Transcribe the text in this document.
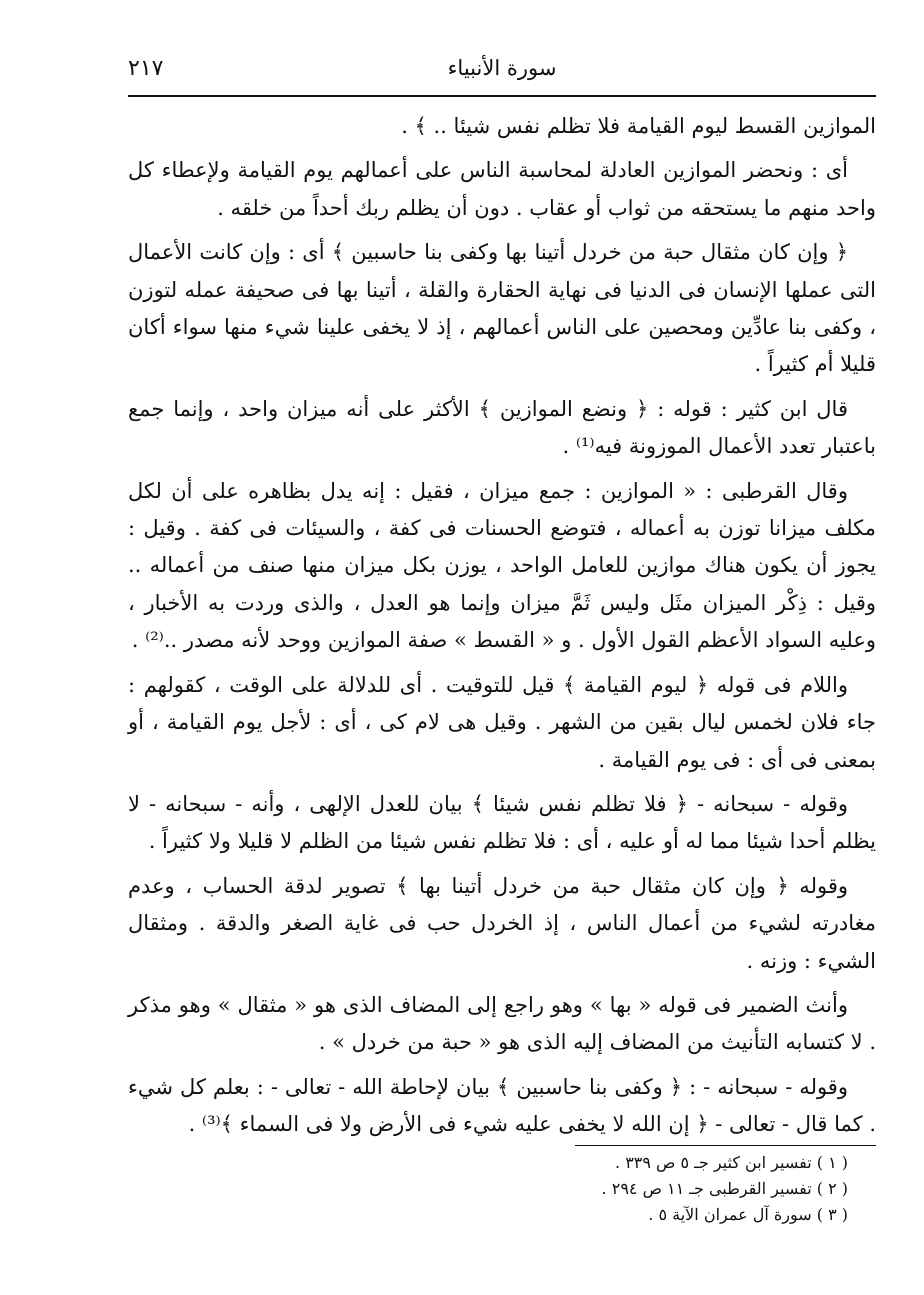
٢١٧	سورة الأنبياء

الموازين القسط ليوم القيامة فلا تظلم نفس شيئا .. ﴾ .

أى : ونحضر الموازين العادلة لمحاسبة الناس على أعمالهم يوم القيامة ولإعطاء كل واحد منهم ما يستحقه من ثواب أو عقاب . دون أن يظلم ربك أحداً من خلقه .

﴿ وإن كان مثقال حبة من خردل أتينا بها وكفى بنا حاسبين ﴾ أى : وإن كانت الأعمال التى عملها الإنسان فى الدنيا فى نهاية الحقارة والقلة ، أتينا بها فى صحيفة عمله لتوزن ، وكفى بنا عادِّين ومحصين على الناس أعمالهم ، إذ لا يخفى علينا شيء منها سواء أكان قليلا أم كثيراً .

قال ابن كثير : قوله : ﴿ ونضع الموازين ﴾ الأكثر على أنه ميزان واحد ، وإنما جمع باعتبار تعدد الأعمال الموزونة فيه⁽¹⁾ .

وقال القرطبى : « الموازين : جمع ميزان ، فقيل : إنه يدل بظاهره على أن لكل مكلف ميزانا توزن به أعماله ، فتوضع الحسنات فى كفة ، والسيئات فى كفة . وقيل : يجوز أن يكون هناك موازين للعامل الواحد ، يوزن بكل ميزان منها صنف من أعماله .. وقيل : ذِكْر الميزان مثَل وليس ثَمَّ ميزان وإنما هو العدل ، والذى وردت به الأخبار ، وعليه السواد الأعظم القول الأول . و « القسط » صفة الموازين ووحد لأنه مصدر ..⁽²⁾ .

واللام فى قوله ﴿ ليوم القيامة ﴾ قيل للتوقيت . أى للدلالة على الوقت ، كقولهم : جاء فلان لخمس ليال بقين من الشهر . وقيل هى لام كى ، أى : لأجل يوم القيامة ، أو بمعنى فى أى : فى يوم القيامة .

وقوله - سبحانه - ﴿ فلا تظلم نفس شيئا ﴾ بيان للعدل الإلهى ، وأنه - سبحانه - لا يظلم أحدا شيئا مما له أو عليه ، أى : فلا تظلم نفس شيئا من الظلم لا قليلا ولا كثيراً .

وقوله ﴿ وإن كان مثقال حبة من خردل أتينا بها ﴾ تصوير لدقة الحساب ، وعدم مغادرته لشيء من أعمال الناس ، إذ الخردل حب فى غاية الصغر والدقة . ومثقال الشيء : وزنه .

وأنث الضمير فى قوله « بها » وهو راجع إلى المضاف الذى هو « مثقال » وهو مذكر . لا كتسابه التأنيث من المضاف إليه الذى هو « حبة من خردل » .

وقوله - سبحانه - : ﴿ وكفى بنا حاسبين ﴾ بيان لإحاطة الله - تعالى - : بعلم كل شيء . كما قال - تعالى - ﴿ إن الله لا يخفى عليه شيء فى الأرض ولا فى السماء ﴾⁽³⁾ .

( ١ ) تفسير ابن كثير جـ ٥ ص ٣٣٩ .

( ٢ ) تفسير القرطبى جـ ١١ ص ٢٩٤ .

( ٣ ) سورة آل عمران الآية ٥ .
